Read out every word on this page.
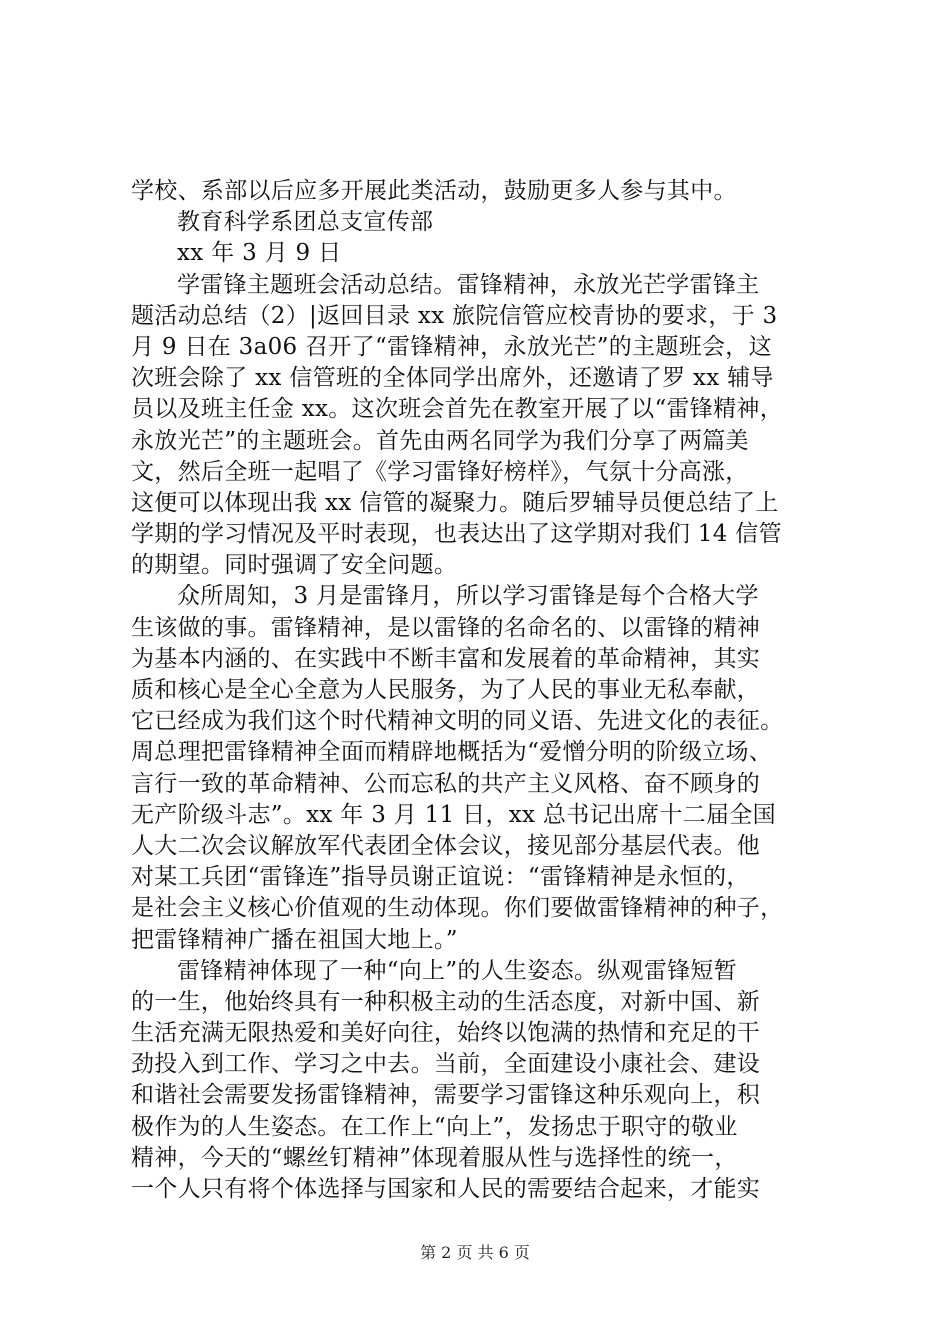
学校、系部以后应多开展此类活动，鼓励更多人参与其中。
教育科学系团总支宣传部
xx 年 3 月 9 日
学雷锋主题班会活动总结。雷锋精神，永放光芒学雷锋主
题活动总结（2）|返回目录 xx 旅院信管应校青协的要求，于 3
月 9 日在 3a06 召开了“雷锋精神，永放光芒”的主题班会，这
次班会除了 xx 信管班的全体同学出席外，还邀请了罗 xx 辅导
员以及班主任金 xx。这次班会首先在教室开展了以“雷锋精神，
永放光芒”的主题班会。首先由两名同学为我们分享了两篇美
文，然后全班一起唱了《学习雷锋好榜样》，气氛十分高涨，
这便可以体现出我 xx 信管的凝聚力。随后罗辅导员便总结了上
学期的学习情况及平时表现，也表达出了这学期对我们 14 信管
的期望。同时强调了安全问题。
众所周知，3 月是雷锋月，所以学习雷锋是每个合格大学
生该做的事。雷锋精神，是以雷锋的名命名的、以雷锋的精神
为基本内涵的、在实践中不断丰富和发展着的革命精神，其实
质和核心是全心全意为人民服务，为了人民的事业无私奉献，
它已经成为我们这个时代精神文明的同义语、先进文化的表征。
周总理把雷锋精神全面而精辟地概括为“爱憎分明的阶级立场、
言行一致的革命精神、公而忘私的共产主义风格、奋不顾身的
无产阶级斗志”。xx 年 3 月 11 日，xx 总书记出席十二届全国
人大二次会议解放军代表团全体会议，接见部分基层代表。他
对某工兵团“雷锋连”指导员谢正谊说：“雷锋精神是永恒的，
是社会主义核心价值观的生动体现。你们要做雷锋精神的种子，
把雷锋精神广播在祖国大地上。”
雷锋精神体现了一种“向上”的人生姿态。纵观雷锋短暂
的一生，他始终具有一种积极主动的生活态度，对新中国、新
生活充满无限热爱和美好向往，始终以饱满的热情和充足的干
劲投入到工作、学习之中去。当前，全面建设小康社会、建设
和谐社会需要发扬雷锋精神，需要学习雷锋这种乐观向上，积
极作为的人生姿态。在工作上“向上”，发扬忠于职守的敬业
精神，今天的“螺丝钉精神”体现着服从性与选择性的统一，
一个人只有将个体选择与国家和人民的需要结合起来，才能实
第 2 页 共 6 页
